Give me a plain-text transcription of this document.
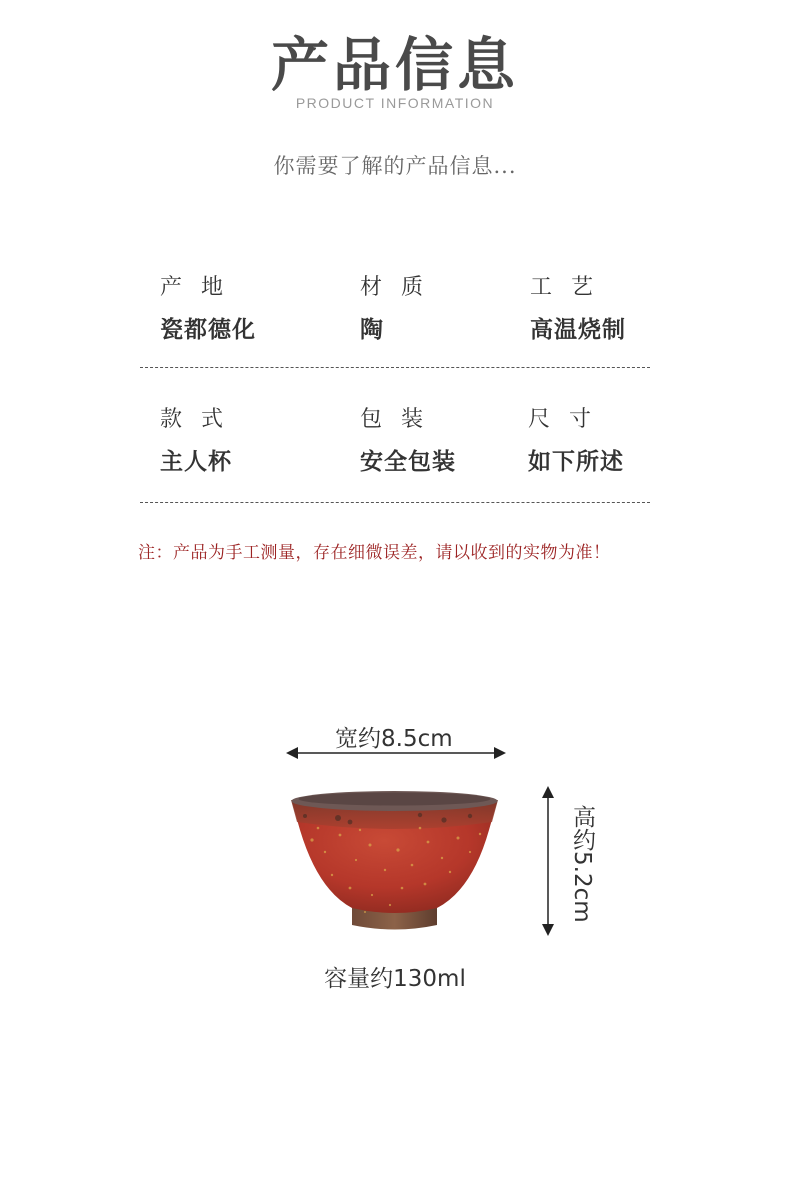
产品信息
PRODUCT INFORMATION
你需要了解的产品信息...
产 地
瓷都德化
材 质
陶
工 艺
高温烧制
款 式
主人杯
包 装
安全包装
尺 寸
如下所述
注：产品为手工测量，存在细微误差，请以收到的实物为准！
宽约8.5cm
高约5.2cm
容量约130ml
